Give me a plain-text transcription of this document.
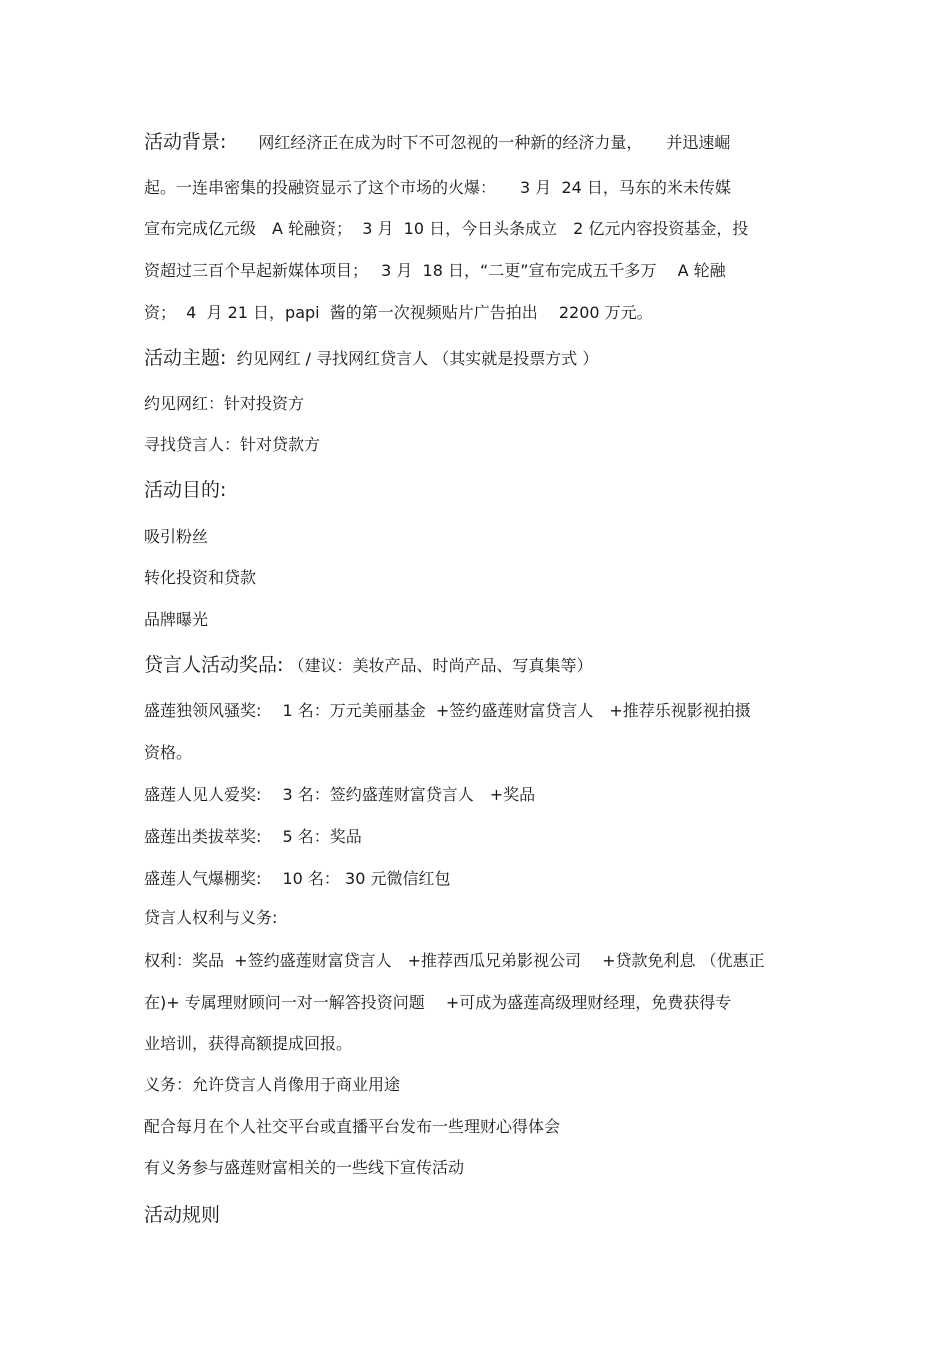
活动背景:　　 网红经济正在成为时下不可忽视的一种新的经济力量，　　并迅速崛
起。一连串密集的投融资显示了这个市场的火爆：　　3 月  24 日，马东的米未传媒
宣布完成亿元级　A 轮融资；  3 月  10 日，今日头条成立　2 亿元内容投资基金，投
资超过三百个早起新媒体项目；　 3 月  18 日，“二更”宣布完成五千多万　 A 轮融
资；  4  月 21 日，papi  酱的第一次视频贴片广告拍出　 2200 万元。
活动主题: 约见网红 / 寻找网红贷言人 （其实就是投票方式 ）
约见网红：针对投资方
寻找贷言人：针对贷款方
活动目的:
吸引粉丝
转化投资和贷款
品牌曝光
贷言人活动奖品: （建议：美妆产品、时尚产品、写真集等）
盛莲独领风骚奖:　 1 名：万元美丽基金  +签约盛莲财富贷言人　+推荐乐视影视拍摄
资格。
盛莲人见人爱奖:　 3 名：签约盛莲财富贷言人　+奖品
盛莲出类拔萃奖:　 5 名：奖品
盛莲人气爆棚奖:　 10 名： 30 元微信红包
贷言人权利与义务:
权利：奖品  +签约盛莲财富贷言人　+推荐西瓜兄弟影视公司　 +贷款免利息 （优惠正
在)+ 专属理财顾问一对一解答投资问题　 +可成为盛莲高级理财经理，免费获得专
业培训，获得高额提成回报。
义务：允许贷言人肖像用于商业用途
配合每月在个人社交平台或直播平台发布一些理财心得体会
有义务参与盛莲财富相关的一些线下宣传活动
活动规则
